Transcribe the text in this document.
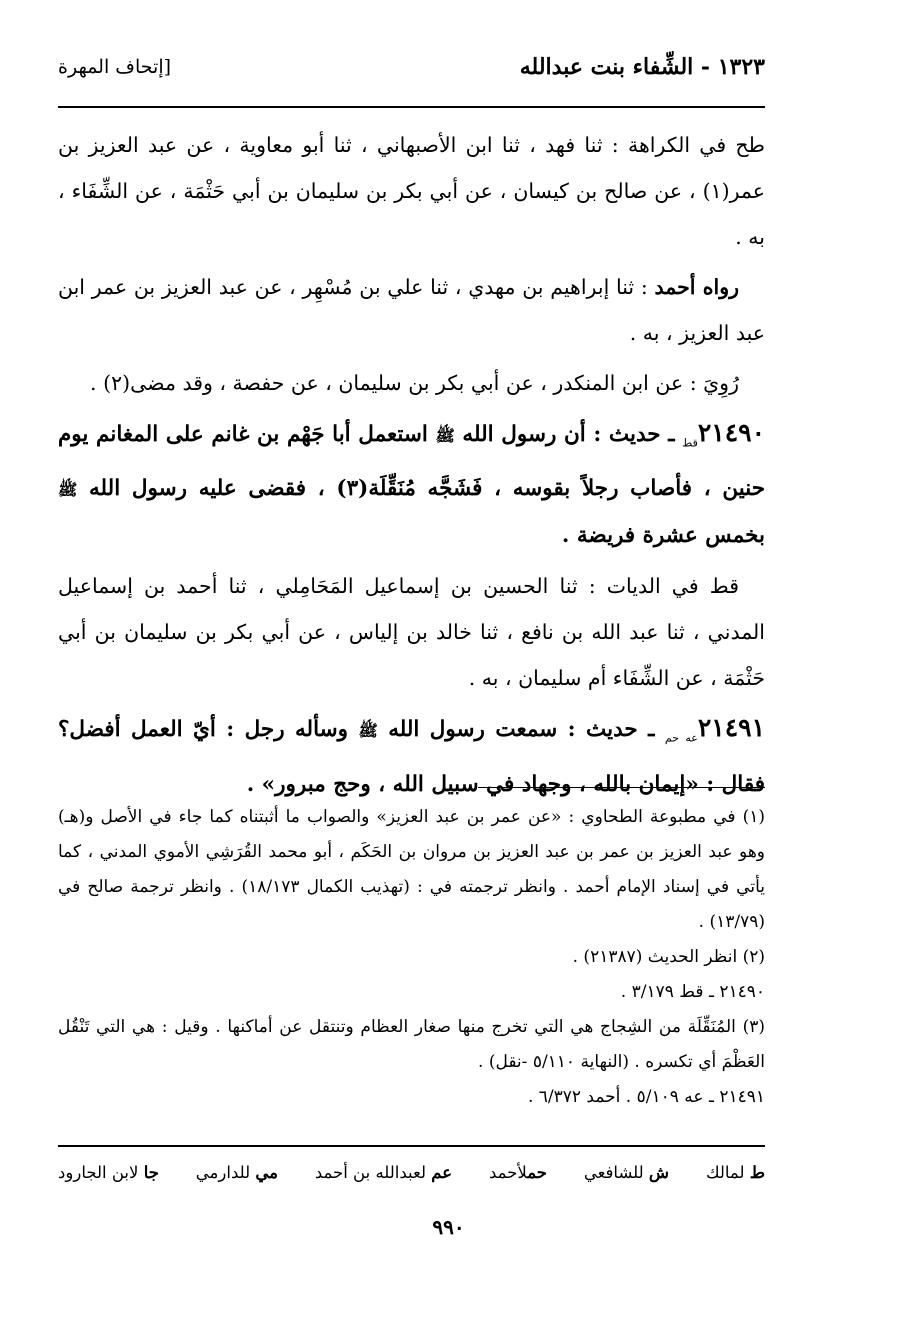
١٣٢٣ - الشِّفاء بنت عبدالله
[إتحاف المهرة

طح في الكراهة : ثنا فهد ، ثنا ابن الأصبهاني ، ثنا أبو معاوية ، عن عبد العزيز بن عمر(١) ، عن صالح بن كيسان ، عن أبي بكر بن سليمان بن أبي حَثْمَة ، عن الشِّفَاء ، به .

رواه أحمد : ثنا إبراهيم بن مهدي ، ثنا علي بن مُسْهِر ، عن عبد العزيز بن عمر ابن عبد العزيز ، به .

رُوِيَ : عن ابن المنكدر ، عن أبي بكر بن سليمان ، عن حفصة ، وقد مضى(٢) .

$٢١٤٩٠_{قط}$ ـ حديث : أن رسول الله ﷺ استعمل أبا جَهْم بن غانم على المغانم يوم حنين ، فأصاب رجلاً بقوسه ، فَشَجَّه مُنَقِّلَة(٣) ، فقضى عليه رسول الله ﷺ بخمس عشرة فريضة .

قط في الديات : ثنا الحسين بن إسماعيل المَحَامِلي ، ثنا أحمد بن إسماعيل المدني ، ثنا عبد الله بن نافع ، ثنا خالد بن إلياس ، عن أبي بكر بن سليمان بن أبي حَثْمَة ، عن الشِّفَاء أم سليمان ، به .

$٢١٤٩١_{عه حم}$ ـ حديث : سمعت رسول الله ﷺ وسأله رجل : أيّ العمل أفضل؟ فقال : «إيمان بالله ، وجهاد في سبيل الله ، وحج مبرور» .

(١) في مطبوعة الطحاوي : «عن عمر بن عبد العزيز» والصواب ما أثبتناه كما جاء في الأصل و(هـ) وهو عبد العزيز بن عمر بن عبد العزيز بن مروان بن الحَكَم ، أبو محمد القُرَشِي الأموي المدني ، كما يأتي في إسناد الإمام أحمد . وانظر ترجمته في : (تهذيب الكمال ١٨/١٧٣) . وانظر ترجمة صالح في (١٣/٧٩) .

(٢) انظر الحديث (٢١٣٨٧) .

٢١٤٩٠ ـ قط ٣/١٧٩ .

(٣) المُنَقِّلَة من الشِجاج هي التي تخرج منها صغار العظام وتنتقل عن أماكنها . وقيل : هي التي تَنْقُل العَظْمَ أي تكسره . (النهاية ٥/١١٠ -نقل) .

٢١٤٩١ ـ عه ٥/١٠٩ . أحمد ٦/٣٧٢ .

ط لمالك
ش للشافعي
حملأحمد
عم لعبدالله بن أحمد
مي للدارمي
جا لابن الجارود
٩٩٠
